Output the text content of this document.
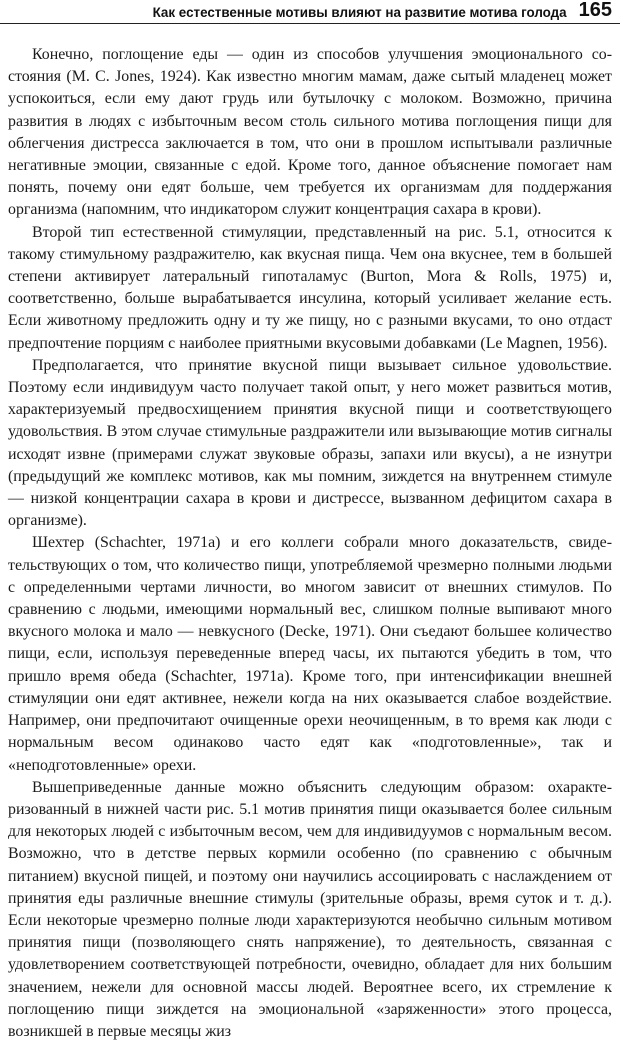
Как естественные мотивы влияют на развитие мотива голода 165

Конечно, поглощение еды — один из способов улучшения эмоционального состояния (M. C. Jones, 1924). Как известно многим мамам, даже сытый младенец может успокоиться, если ему дают грудь или бутылочку с молоком. Возможно, причина развития в людях с избыточным весом столь сильного мотива поглощения пищи для облегчения дистресса заключается в том, что они в прошлом испытывали различные негативные эмоции, связанные с едой. Кроме того, данное объяснение помогает нам понять, почему они едят больше, чем требуется их организмам для поддержания организма (напомним, что индикатором служит концентрация сахара в крови).

Второй тип естественной стимуляции, представленный на рис. 5.1, относится к такому стимульному раздражителю, как вкусная пища. Чем она вкуснее, тем в большей степени активирует латеральный гипоталамус (Burton, Mora & Rolls, 1975) и, соответственно, больше вырабатывается инсулина, который усиливает желание есть. Если животному предложить одну и ту же пищу, но с разными вкусами, то оно отдаст предпочтение порциям с наиболее приятными вкусовыми добавками (Le Magnen, 1956).

Предполагается, что принятие вкусной пищи вызывает сильное удовольствие. Поэтому если индивидуум часто получает такой опыт, у него может развиться мотив, характеризуемый предвосхищением принятия вкусной пищи и соответствующего удовольствия. В этом случае стимульные раздражители или вызывающие мотив сигналы исходят извне (примерами служат звуковые образы, запахи или вкусы), а не изнутри (предыдущий же комплекс мотивов, как мы помним, зиждется на внутреннем стимуле — низкой концентрации сахара в крови и дистрессе, вызванном дефицитом сахара в организме).

Шехтер (Schachter, 1971a) и его коллеги собрали много доказательств, свидетельствующих о том, что количество пищи, употребляемой чрезмерно полными людьми с определенными чертами личности, во многом зависит от внешних стимулов. По сравнению с людьми, имеющими нормальный вес, слишком полные выпивают много вкусного молока и мало — невкусного (Decke, 1971). Они съедают большее количество пищи, если, используя переведенные вперед часы, их пытаются убедить в том, что пришло время обеда (Schachter, 1971a). Кроме того, при интенсификации внешней стимуляции они едят активнее, нежели когда на них оказывается слабое воздействие. Например, они предпочитают очищенные орехи неочищенным, в то время как люди с нормальным весом одинаково часто едят как «подготовленные», так и «неподготовленные» орехи.

Вышеприведенные данные можно объяснить следующим образом: охарактеризованный в нижней части рис. 5.1 мотив принятия пищи оказывается более сильным для некоторых людей с избыточным весом, чем для индивидуумов с нормальным весом. Возможно, что в детстве первых кормили особенно (по сравнению с обычным питанием) вкусной пищей, и поэтому они научились ассоциировать с наслаждением от принятия еды различные внешние стимулы (зрительные образы, время суток и т. д.). Если некоторые чрезмерно полные люди характеризуются необычно сильным мотивом принятия пищи (позволяющего снять напряжение), то деятельность, связанная с удовлетворением соответствующей потребности, очевидно, обладает для них большим значением, нежели для основной массы людей. Вероятнее всего, их стремление к поглощению пищи зиждется на эмоциональной «заряженности» этого процесса, возникшей в первые месяцы жиз
